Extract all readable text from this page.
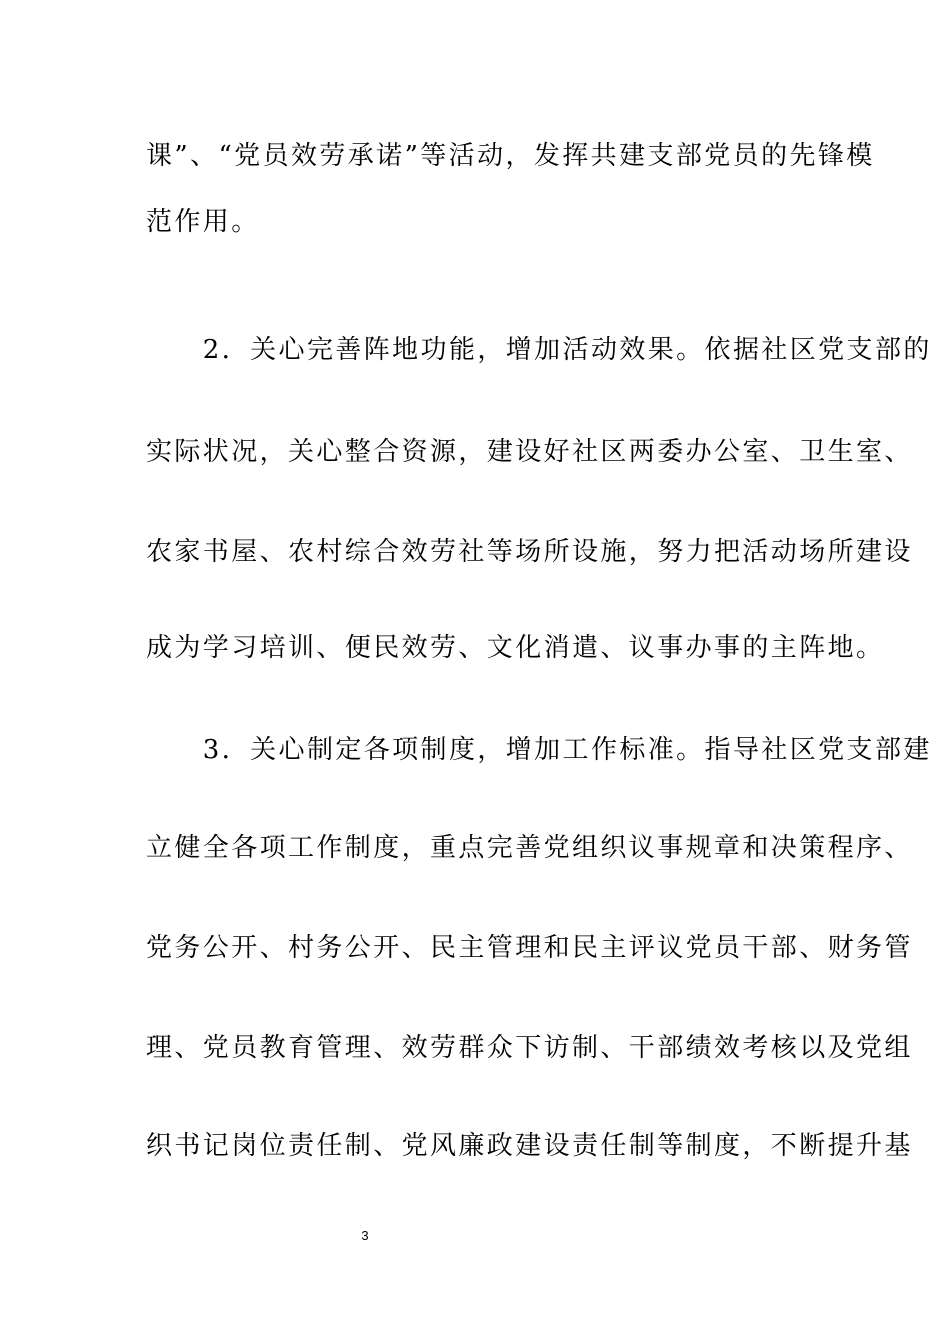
课”、“党员效劳承诺”等活动，发挥共建支部党员的先锋模
范作用。
　　2．关心完善阵地功能，增加活动效果。依据社区党支部的
实际状况，关心整合资源，建设好社区两委办公室、卫生室、
农家书屋、农村综合效劳社等场所设施，努力把活动场所建设
成为学习培训、便民效劳、文化消遣、议事办事的主阵地。
　　3．关心制定各项制度，增加工作标准。指导社区党支部建
立健全各项工作制度，重点完善党组织议事规章和决策程序、
党务公开、村务公开、民主管理和民主评议党员干部、财务管
理、党员教育管理、效劳群众下访制、干部绩效考核以及党组
织书记岗位责任制、党风廉政建设责任制等制度，不断提升基
3
